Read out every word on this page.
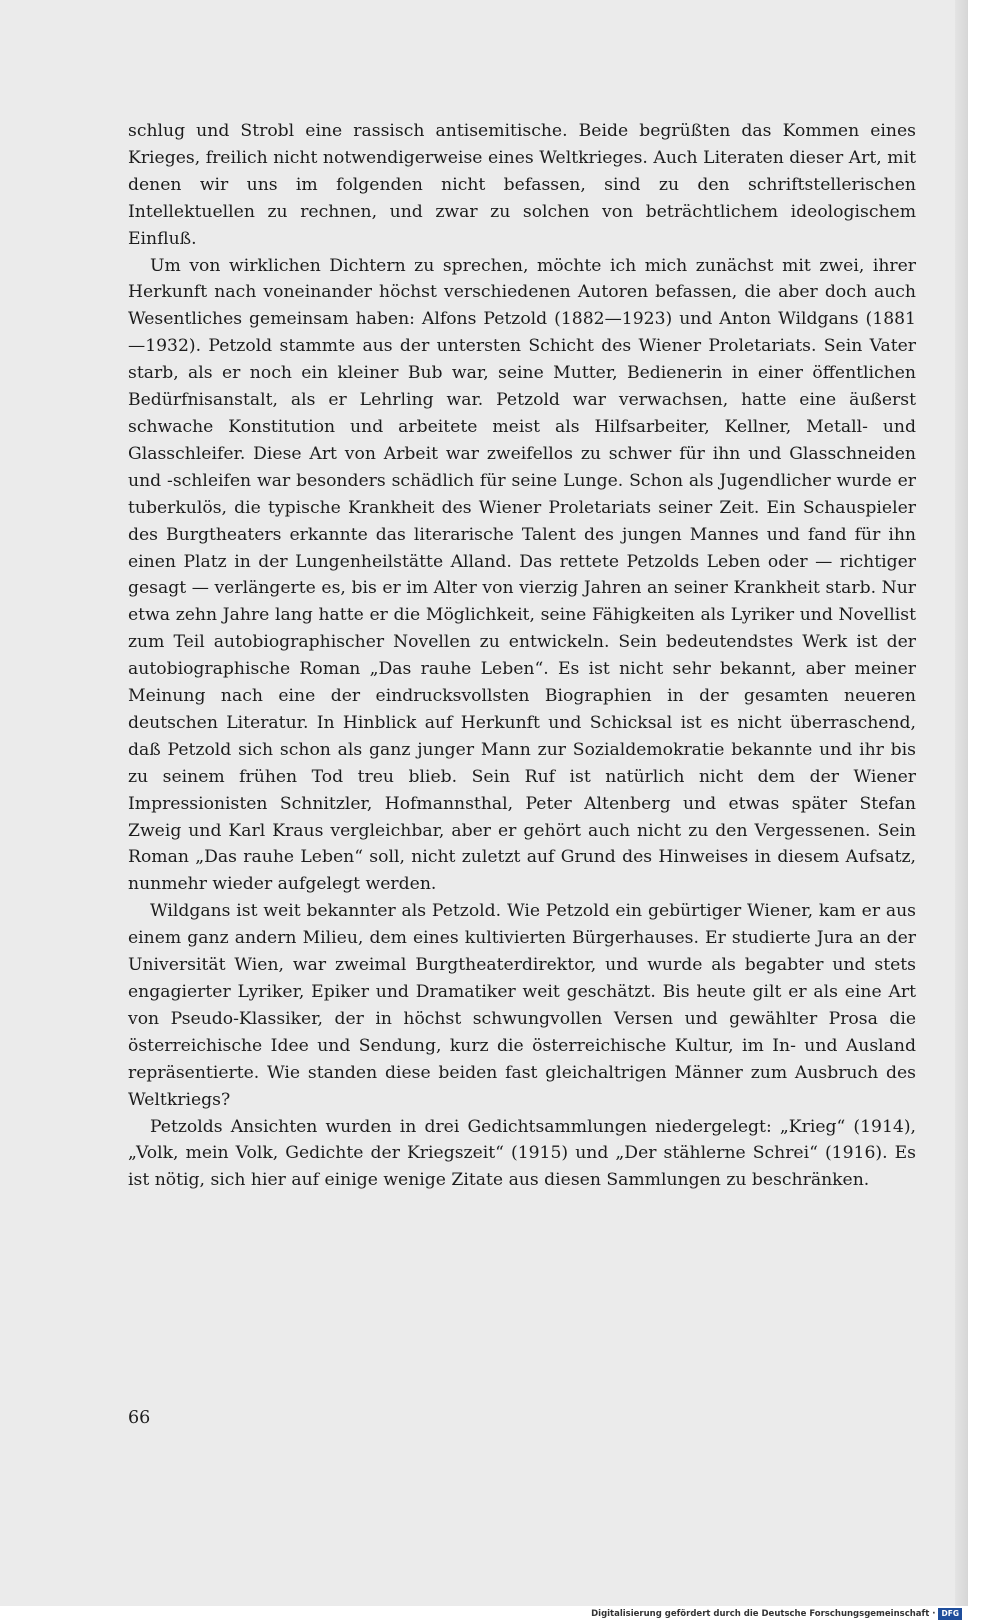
schlug und Strobl eine rassisch antisemitische. Beide begrüßten das Kommen eines Krieges, freilich nicht notwendigerweise eines Weltkrieges. Auch Literaten dieser Art, mit denen wir uns im folgenden nicht befassen, sind zu den schriftstellerischen Intellektuellen zu rechnen, und zwar zu solchen von beträchtlichem ideologischem Einfluß.

Um von wirklichen Dichtern zu sprechen, möchte ich mich zunächst mit zwei, ihrer Herkunft nach voneinander höchst verschiedenen Autoren befassen, die aber doch auch Wesentliches gemeinsam haben: Alfons Petzold (1882—1923) und Anton Wildgans (1881—1932). Petzold stammte aus der untersten Schicht des Wiener Proletariats. Sein Vater starb, als er noch ein kleiner Bub war, seine Mutter, Bedienerin in einer öffentlichen Bedürfnisanstalt, als er Lehrling war. Petzold war verwachsen, hatte eine äußerst schwache Konstitution und arbeitete meist als Hilfsarbeiter, Kellner, Metall- und Glasschleifer. Diese Art von Arbeit war zweifellos zu schwer für ihn und Glasschneiden und -schleifen war besonders schädlich für seine Lunge. Schon als Jugendlicher wurde er tuberkulös, die typische Krankheit des Wiener Proletariats seiner Zeit. Ein Schauspieler des Burgtheaters erkannte das literarische Talent des jungen Mannes und fand für ihn einen Platz in der Lungenheilstätte Alland. Das rettete Petzolds Leben oder — richtiger gesagt — verlängerte es, bis er im Alter von vierzig Jahren an seiner Krankheit starb. Nur etwa zehn Jahre lang hatte er die Möglichkeit, seine Fähigkeiten als Lyriker und Novellist zum Teil autobiographischer Novellen zu entwickeln. Sein bedeutendstes Werk ist der autobiographische Roman „Das rauhe Leben“. Es ist nicht sehr bekannt, aber meiner Meinung nach eine der eindrucksvollsten Biographien in der gesamten neueren deutschen Literatur. In Hinblick auf Herkunft und Schicksal ist es nicht überraschend, daß Petzold sich schon als ganz junger Mann zur Sozialdemokratie bekannte und ihr bis zu seinem frühen Tod treu blieb. Sein Ruf ist natürlich nicht dem der Wiener Impressionisten Schnitzler, Hofmannsthal, Peter Altenberg und etwas später Stefan Zweig und Karl Kraus vergleichbar, aber er gehört auch nicht zu den Vergessenen. Sein Roman „Das rauhe Leben“ soll, nicht zuletzt auf Grund des Hinweises in diesem Aufsatz, nunmehr wieder aufgelegt werden.

Wildgans ist weit bekannter als Petzold. Wie Petzold ein gebürtiger Wiener, kam er aus einem ganz andern Milieu, dem eines kultivierten Bürgerhauses. Er studierte Jura an der Universität Wien, war zweimal Burgtheaterdirektor, und wurde als begabter und stets engagierter Lyriker, Epiker und Dramatiker weit geschätzt. Bis heute gilt er als eine Art von Pseudo-Klassiker, der in höchst schwungvollen Versen und gewählter Prosa die österreichische Idee und Sendung, kurz die österreichische Kultur, im In- und Ausland repräsentierte. Wie standen diese beiden fast gleichaltrigen Männer zum Ausbruch des Weltkriegs?

Petzolds Ansichten wurden in drei Gedichtsammlungen niedergelegt: „Krieg“ (1914), „Volk, mein Volk, Gedichte der Kriegszeit“ (1915) und „Der stählerne Schrei“ (1916). Es ist nötig, sich hier auf einige wenige Zitate aus diesen Sammlungen zu beschränken.

66
Digitalisierung gefördert durch die Deutsche Forschungsgemeinschaft · DFG
